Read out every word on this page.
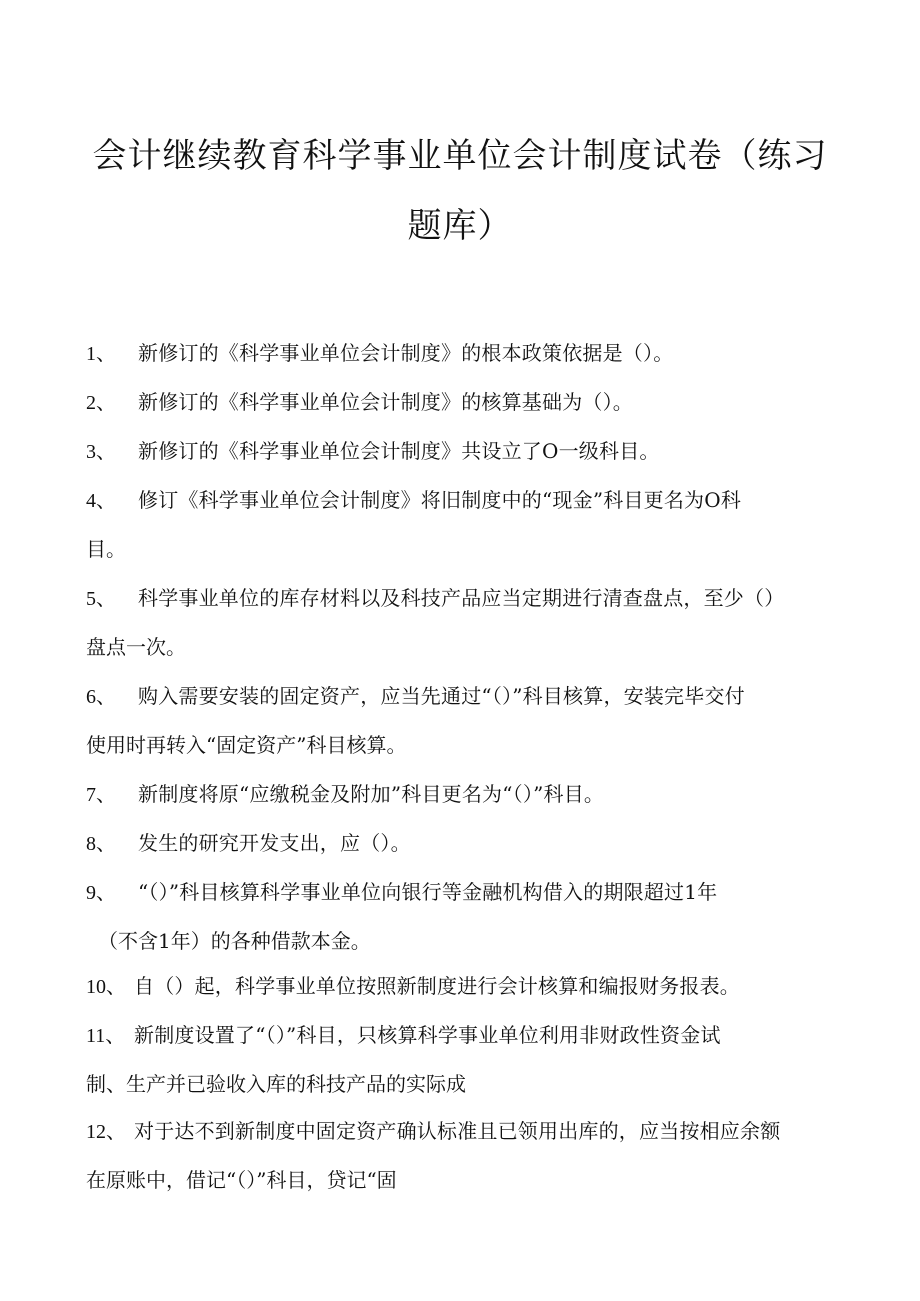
会计继续教育科学事业单位会计制度试卷（练习
题库）
1、 新修订的《科学事业单位会计制度》的根本政策依据是（）。
2、 新修订的《科学事业单位会计制度》的核算基础为（）。
3、 新修订的《科学事业单位会计制度》共设立了O一级科目。
4、 修订《科学事业单位会计制度》将旧制度中的“现金”科目更名为O科
目。
5、 科学事业单位的库存材料以及科技产品应当定期进行清查盘点，至少（）
盘点一次。
6、 购入需要安装的固定资产，应当先通过“（）”科目核算，安装完毕交付
使用时再转入“固定资产”科目核算。
7、 新制度将原“应缴税金及附加”科目更名为“（）”科目。
8、 发生的研究开发支出，应（）。
9、 “（）”科目核算科学事业单位向银行等金融机构借入的期限超过1年
（不含1年）的各种借款本金。
10、 自（）起，科学事业单位按照新制度进行会计核算和编报财务报表。
11、 新制度设置了“（）”科目，只核算科学事业单位利用非财政性资金试
制、生产并已验收入库的科技产品的实际成
12、 对于达不到新制度中固定资产确认标准且已领用出库的，应当按相应余额
在原账中，借记“（）”科目，贷记“固
